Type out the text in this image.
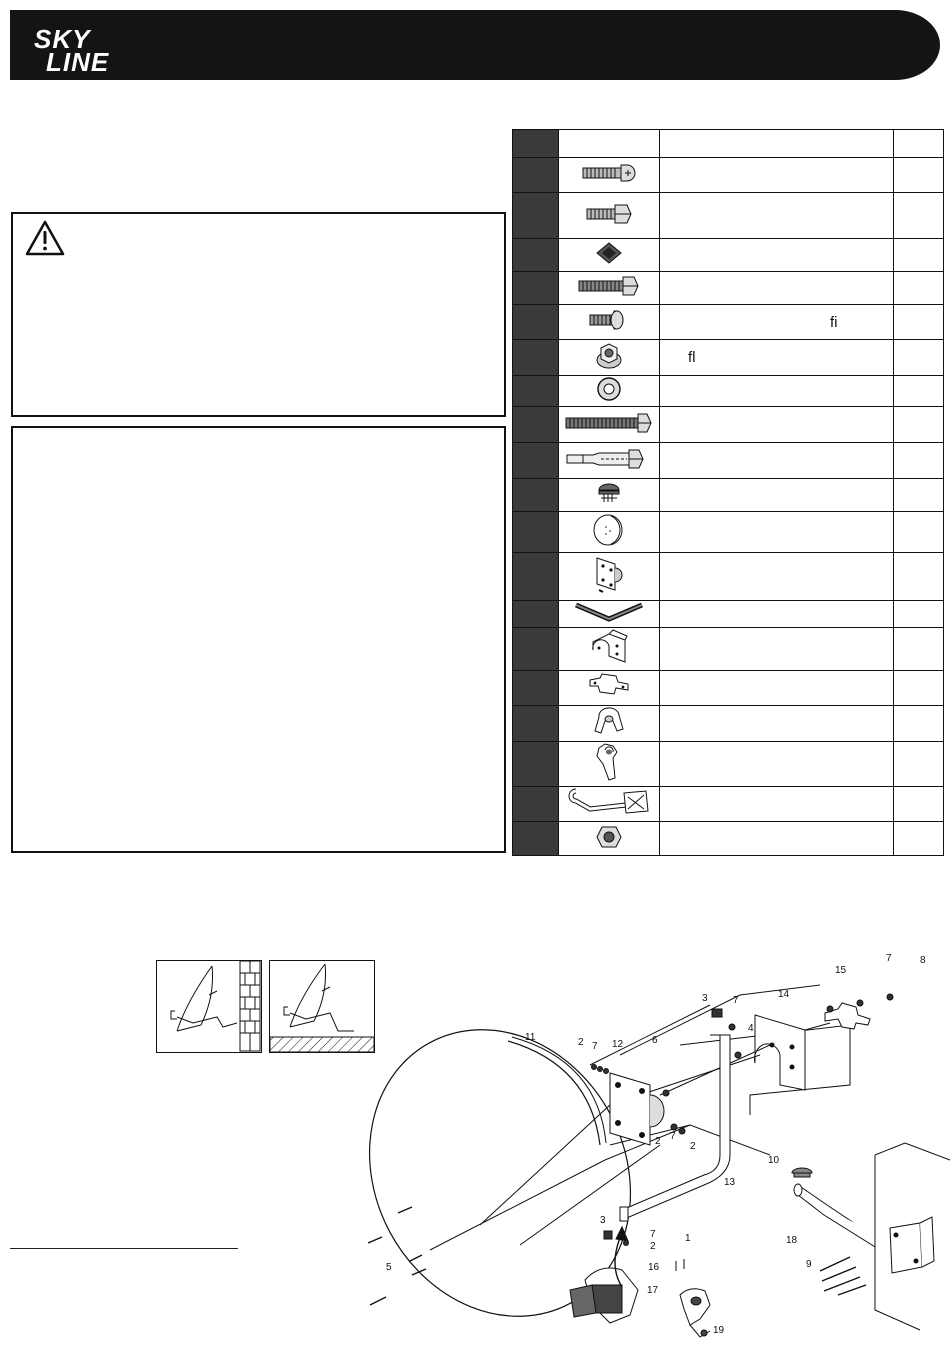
SKY
LINE

		ﬁ	
		ﬂ	

11
12	6
2 7
2
7
2
3	7
4
14
15
7	8
13
10
18
9
3
7
2
1
16
17
19
5
